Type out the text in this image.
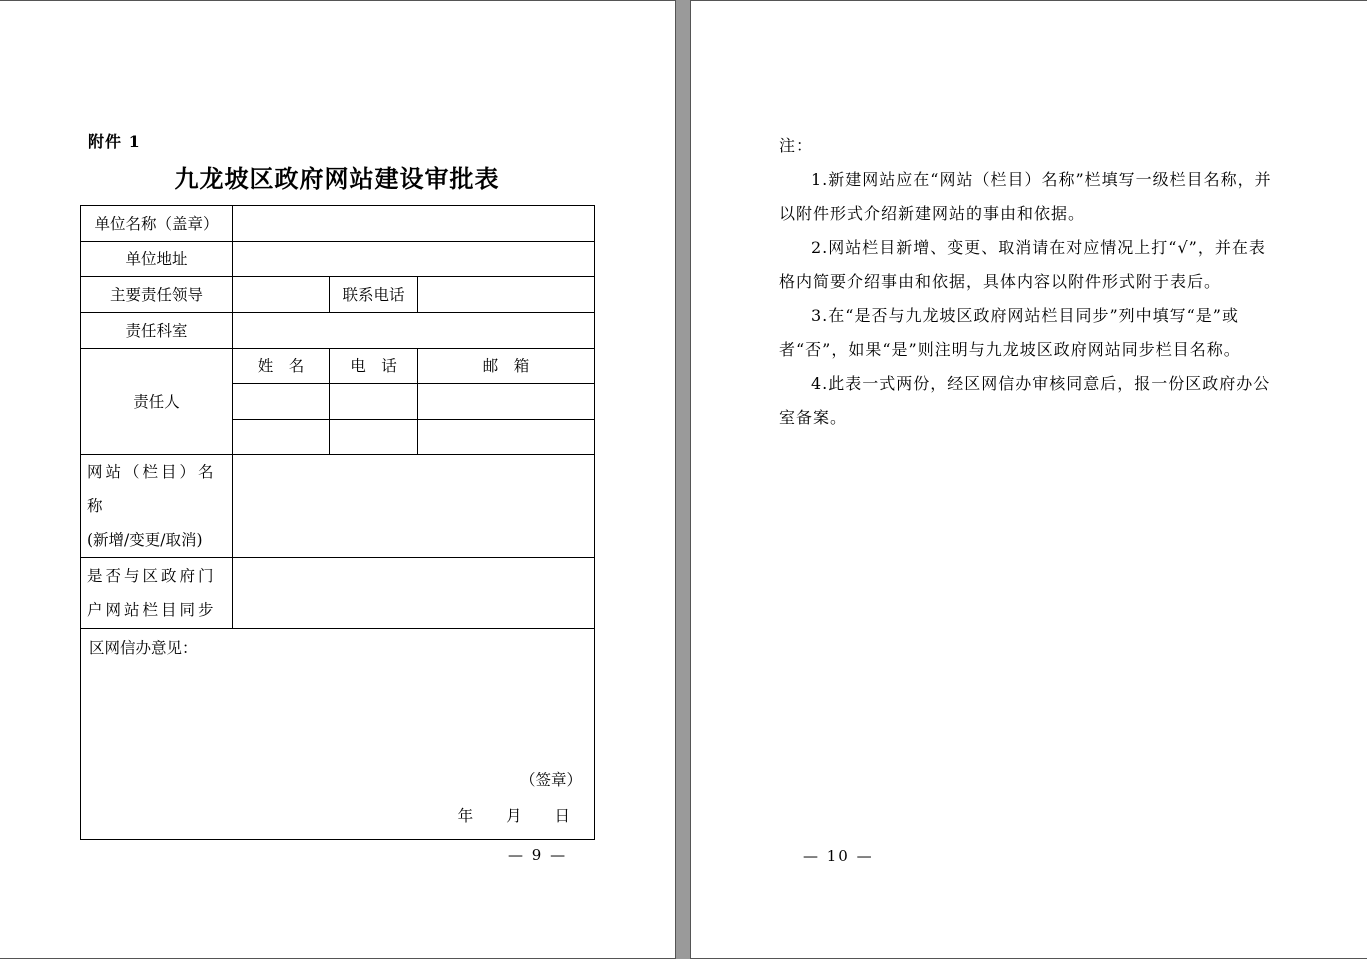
附件 1
九龙坡区政府网站建设审批表
单位名称（盖章）			
单位地址			
主要责任领导		联系电话	
责任科室			
责任人	姓　名	电　话	邮　箱

网站（栏目）名称
(新增/变更/取消)			

是否与区政府门
户网站栏目同步			

区网信办意见：
（签章）
年 月 日			
— 9 —

注：

1.新建网站应在“网站（栏目）名称”栏填写一级栏目名称，并以附件形式介绍新建网站的事由和依据。

2.网站栏目新增、变更、取消请在对应情况上打“√”，并在表格内简要介绍事由和依据，具体内容以附件形式附于表后。

3.在“是否与九龙坡区政府网站栏目同步”列中填写“是”或者“否”，如果“是”则注明与九龙坡区政府网站同步栏目名称。

4.此表一式两份，经区网信办审核同意后，报一份区政府办公室备案。

— 10 —
